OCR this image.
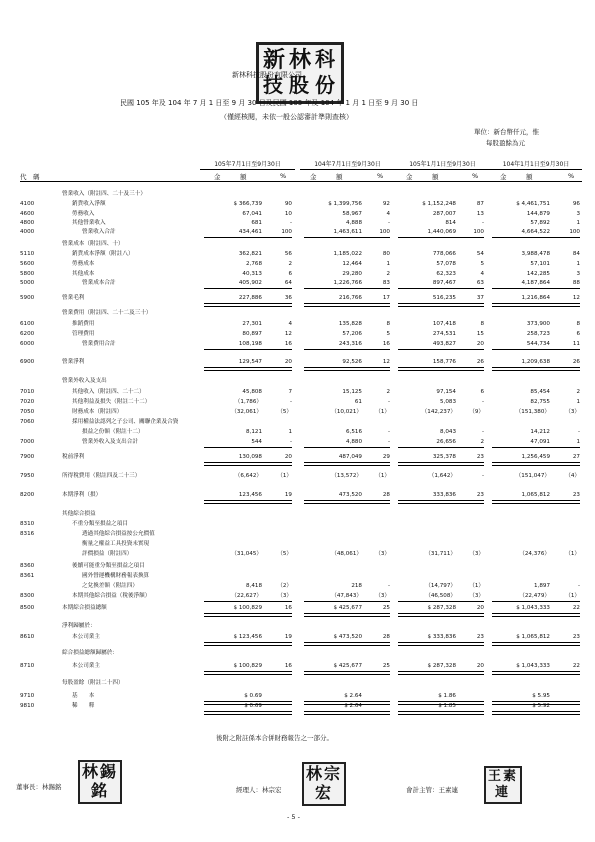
新 林 科
技 股 份
新林科技股份有限公司
民國 105 年及 104 年 7 月 1 日至 9 月 30 日及民國 105 年及 104 年 1 月 1 日至 9 月 30 日
（僅經核閱，未依一般公認審計準則查核）
單位：新台幣仟元，惟
每股盈餘為元
105年7月1日至9月30日	104年7月1日至9月30日	105年1月1日至9月30日	104年1月1日至9月30日
代　碼	金　　　額	%	金　　　額	%	金　　　額	%	金　　　額	%
營業收入（附註四、二十及三十）
4100	銷貨收入淨額	$ 366,739	90	$ 1,399,756	92	$ 1,152,248	87	$ 4,461,751	96
4600	勞務收入	67,041	10	58,967	4	287,007	13	144,879	3
4800	其他營業收入	681	-	4,888	-	814	-	57,892	1
4000	營業收入合計	434,461	100	1,463,611	100	1,440,069	100	4,664,522	100
營業成本（附註四、十）
5110	銷貨成本淨額（附註八）	362,821	56	1,185,022	80	778,066	54	3,988,478	84
5600	勞務成本	2,768	2	12,464	1	57,078	5	57,101	1
5800	其他成本	40,313	6	29,280	2	62,323	4	142,285	3
5000	營業成本合計	405,902	64	1,226,766	83	897,467	63	4,187,864	88
5900	營業毛利	227,886	36	216,766	17	516,235	37	1,216,864	12
營業費用（附註四、二十二及三十）
6100	推銷費用	27,301	4	135,828	8	107,418	8	373,900	8
6200	管理費用	80,897	12	57,206	5	274,531	15	258,723	6
6000	營業費用合計	108,198	16	243,316	16	493,827	20	544,734	11
6900	營業淨利	129,547	20	92,526	12	158,776	26	1,209,638	26
營業外收入及支出
7010	其他收入（附註四、二十二）	45,808	7	15,125	2	97,154	6	85,454	2
7020	其他利益及損失（附註二十二）	（1,786）	-	61	-	5,083	-	82,755	1
7050	財務成本（附註四）	（32,061）	（5）	（10,021）	（1）	（142,237）	（9）	（151,380）	（3）
7060	採用權益法認列之子公司、關聯企業及合資
損益之份額（附註十二）	8,121	1	6,516	-	8,043	-	14,212	-
7000	營業外收入及支出合計	544	-	4,880	-	26,656	2	47,091	1
7900	稅前淨利	130,098	20	487,049	29	325,378	23	1,256,459	27
7950	所得稅費用（附註四及二十三）	（6,642）	（1）	（13,572）	（1）	（1,642）	-	（151,047）	（4）
8200	本期淨利（損）	123,456	19	473,520	28	333,836	23	1,065,812	23
其他綜合損益
8310	不重分類至損益之項目
8316	透過其他綜合損益按公允價值
衡量之權益工具投資未實現
評價損益（附註四）	（31,045）	（5）	（48,061）	（3）	（31,711）	（3）	（24,376）	（1）
8360	後續可能重分類至損益之項目
8361	國外營運機構財務報表換算
之兌換差額（附註四）	8,418	（2）	218	-	（14,797）	（1）	1,897	-
8300	本期其他綜合損益（稅後淨額）	（22,627）	（3）	（47,843）	（3）	（46,508）	（3）	（22,479）	（1）
8500	本期綜合損益總額	$ 100,829	16	$ 425,677	25	$ 287,328	20	$ 1,043,333	22
淨利歸屬於：
8610	本公司業主	$ 123,456	19	$ 473,520	28	$ 333,836	23	$ 1,065,812	23
綜合損益總額歸屬於：
8710	本公司業主	$ 100,829	16	$ 425,677	25	$ 287,328	20	$ 1,043,333	22
每股盈餘（附註二十四）
9710	基　　本	$ 0.69	$ 2.64	$ 1.86	$ 5.95
9810	稀　　釋	$ 0.69	$ 2.64	$ 1.85	$ 5.92
後附之附註係本合併財務報告之一部分。
林 錫
銘
董事長：林錫銘
林 宗
宏
經理人：林宗宏
王 素
連
會計主管：王素連
- 5 -
